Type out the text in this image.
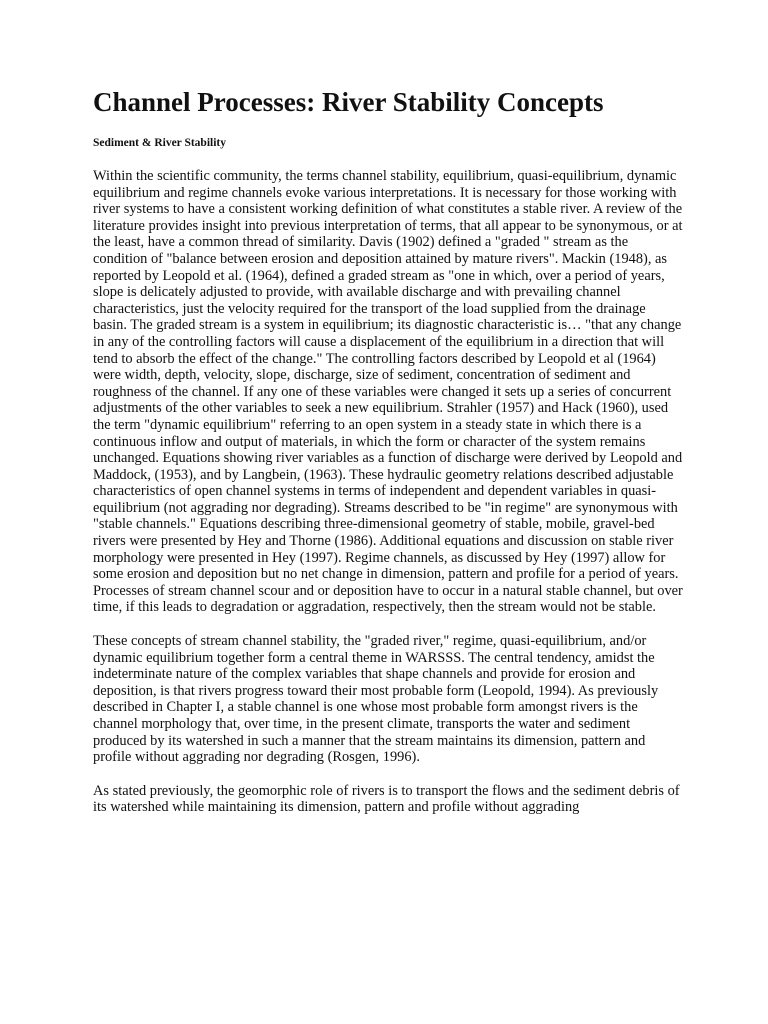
Channel Processes: River Stability Concepts
Sediment & River Stability

Within the scientific community, the terms channel stability, equilibrium, quasi-equilibrium, dynamic equilibrium and regime channels evoke various interpretations. It is necessary for those working with river systems to have a consistent working definition of what constitutes a stable river. A review of the literature provides insight into previous interpretation of terms, that all appear to be synonymous, or at the least, have a common thread of similarity. Davis (1902) defined a "graded " stream as the condition of "balance between erosion and deposition attained by mature rivers". Mackin (1948), as reported by Leopold et al. (1964), defined a graded stream as "one in which, over a period of years, slope is delicately adjusted to provide, with available discharge and with prevailing channel characteristics, just the velocity required for the transport of the load supplied from the drainage basin. The graded stream is a system in equilibrium; its diagnostic characteristic is… "that any change in any of the controlling factors will cause a displacement of the equilibrium in a direction that will tend to absorb the effect of the change." The controlling factors described by Leopold et al (1964) were width, depth, velocity, slope, discharge, size of sediment, concentration of sediment and roughness of the channel. If any one of these variables were changed it sets up a series of concurrent adjustments of the other variables to seek a new equilibrium. Strahler (1957) and Hack (1960), used the term "dynamic equilibrium" referring to an open system in a steady state in which there is a continuous inflow and output of materials, in which the form or character of the system remains unchanged. Equations showing river variables as a function of discharge were derived by Leopold and Maddock, (1953), and by Langbein, (1963). These hydraulic geometry relations described adjustable characteristics of open channel systems in terms of independent and dependent variables in quasi-equilibrium (not aggrading nor degrading). Streams described to be "in regime" are synonymous with "stable channels." Equations describing three-dimensional geometry of stable, mobile, gravel-bed rivers were presented by Hey and Thorne (1986). Additional equations and discussion on stable river morphology were presented in Hey (1997). Regime channels, as discussed by Hey (1997) allow for some erosion and deposition but no net change in dimension, pattern and profile for a period of years. Processes of stream channel scour and or deposition have to occur in a natural stable channel, but over time, if this leads to degradation or aggradation, respectively, then the stream would not be stable.

These concepts of stream channel stability, the "graded river," regime, quasi-equilibrium, and/or dynamic equilibrium together form a central theme in WARSSS. The central tendency, amidst the indeterminate nature of the complex variables that shape channels and provide for erosion and deposition, is that rivers progress toward their most probable form (Leopold, 1994). As previously described in Chapter I, a stable channel is one whose most probable form amongst rivers is the channel morphology that, over time, in the present climate, transports the water and sediment produced by its watershed in such a manner that the stream maintains its dimension, pattern and profile without aggrading nor degrading (Rosgen, 1996).

As stated previously, the geomorphic role of rivers is to transport the flows and the sediment debris of its watershed while maintaining its dimension, pattern and profile without aggrading
